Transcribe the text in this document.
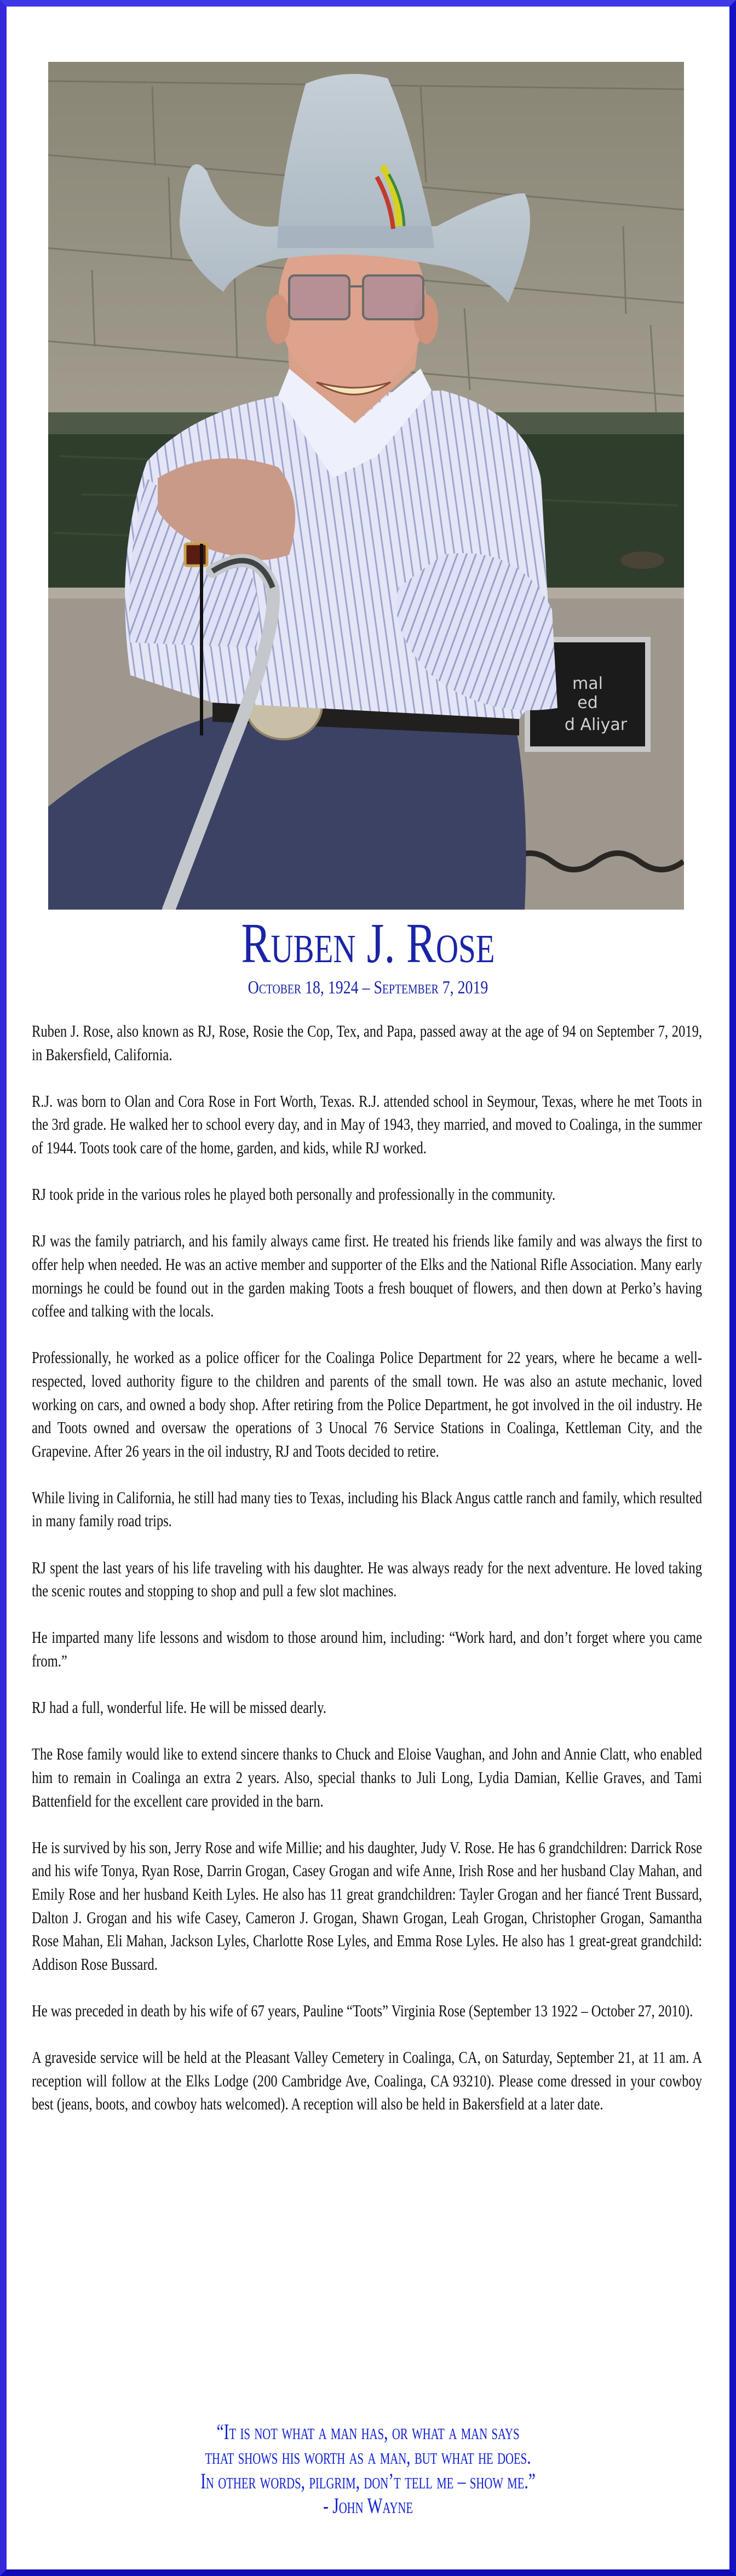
mal
ed
d Aliyar
Ruben J. Rose
October 18, 1924 – September 7, 2019

Ruben J. Rose, also known as RJ, Rose, Rosie the Cop, Tex, and Papa, passed away at the age of 94 on September 7, 2019, in Bakersfield, California.

R.J. was born to Olan and Cora Rose in Fort Worth, Texas. R.J. attended school in Seymour, Texas, where he met Toots in the 3rd grade. He walked her to school every day, and in May of 1943, they married, and moved to Coalinga, in the summer of 1944. Toots took care of the home, garden, and kids, while RJ worked.

RJ took pride in the various roles he played both personally and professionally in the community.

RJ was the family patriarch, and his family always came first. He treated his friends like family and was always the first to offer help when needed. He was an active member and supporter of the Elks and the National Rifle Association. Many early mornings he could be found out in the garden making Toots a fresh bouquet of flowers, and then down at Perko’s having coffee and talking with the locals.

Professionally, he worked as a police officer for the Coalinga Police Department for 22 years, where he became a well-respected, loved authority figure to the children and parents of the small town. He was also an astute mechanic, loved working on cars, and owned a body shop. After retiring from the Police Department, he got involved in the oil industry. He and Toots owned and oversaw the operations of 3 Unocal 76 Service Stations in Coalinga, Kettleman City, and the Grapevine. After 26 years in the oil industry, RJ and Toots decided to retire.

While living in California, he still had many ties to Texas, including his Black Angus cattle ranch and family, which resulted in many family road trips.

RJ spent the last years of his life traveling with his daughter. He was always ready for the next adventure. He loved taking the scenic routes and stopping to shop and pull a few slot machines.

He imparted many life lessons and wisdom to those around him, including: “Work hard, and don’t forget where you came from.”

RJ had a full, wonderful life. He will be missed dearly.

The Rose family would like to extend sincere thanks to Chuck and Eloise Vaughan, and John and Annie Clatt, who enabled him to remain in Coalinga an extra 2 years. Also, special thanks to Juli Long, Lydia Damian, Kellie Graves, and Tami Battenfield for the excellent care provided in the barn.

He is survived by his son, Jerry Rose and wife Millie; and his daughter, Judy V. Rose. He has 6 grandchildren: Darrick Rose and his wife Tonya, Ryan Rose, Darrin Grogan, Casey Grogan and wife Anne, Irish Rose and her husband Clay Mahan, and Emily Rose and her husband Keith Lyles. He also has 11 great grandchildren: Tayler Grogan and her fiancé Trent Bussard, Dalton J. Grogan and his wife Casey, Cameron J. Grogan, Shawn Grogan, Leah Grogan, Christopher Grogan, Samantha Rose Mahan, Eli Mahan, Jackson Lyles, Charlotte Rose Lyles, and Emma Rose Lyles. He also has 1 great-great grandchild: Addison Rose Bussard.

He was preceded in death by his wife of 67 years, Pauline “Toots” Virginia Rose (September 13 1922 – October 27, 2010).

A graveside service will be held at the Pleasant Valley Cemetery in Coalinga, CA, on Saturday, September 21, at 11 am. A reception will follow at the Elks Lodge (200 Cambridge Ave, Coalinga, CA 93210). Please come dressed in your cowboy best (jeans, boots, and cowboy hats welcomed). A reception will also be held in Bakersfield at a later date.

“It is not what a man has, or what a man says
that shows his worth as a man, but what he does.
In other words, pilgrim, don’t tell me – show me.”
- John Wayne
